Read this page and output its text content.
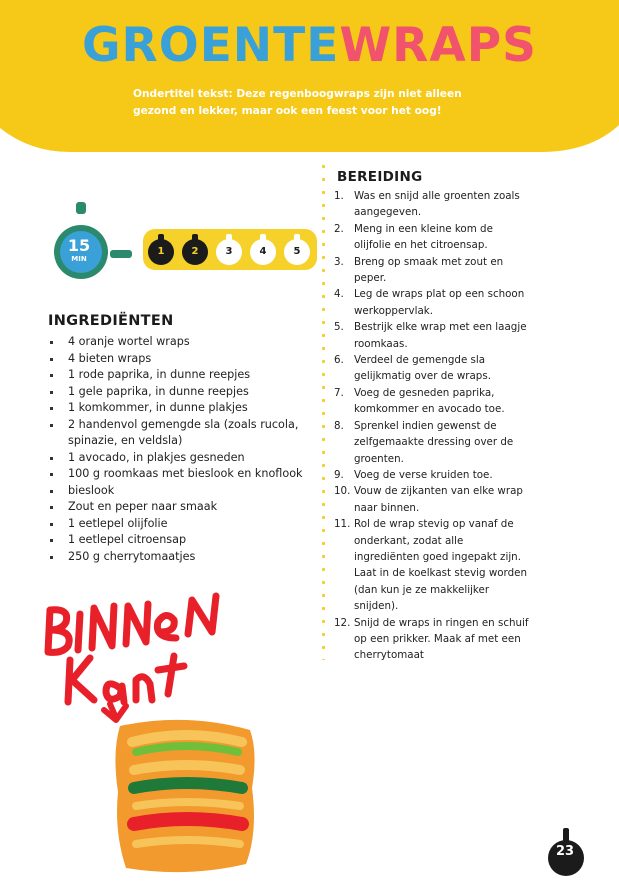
GROENTEWRAPS
Ondertitel tekst: Deze regenboogwraps zijn niet alleen gezond en lekker, maar ook een feest voor het oog!
15
MIN
1	2	3	4	5
INGREDIËNTEN
4 oranje wortel wraps
4 bieten wraps
1 rode paprika, in dunne reepjes
1 gele paprika, in dunne reepjes
1 komkommer, in dunne plakjes
2 handenvol gemengde sla (zoals rucola, spinazie, en veldsla)
1 avocado, in plakjes gesneden
100 g roomkaas met bieslook en knoflook
bieslook
Zout en peper naar smaak
1 eetlepel olijfolie
1 eetlepel citroensap
250 g cherrytomaatjes
BEREIDING
1. Was en snijd alle groenten zoals aangegeven.
2. Meng in een kleine kom de olijfolie en het citroensap.
3. Breng op smaak met zout en peper.
4. Leg de wraps plat op een schoon werkoppervlak.
5. Bestrijk elke wrap met een laagje roomkaas.
6. Verdeel de gemengde sla gelijkmatig over de wraps.
7. Voeg de gesneden paprika, komkommer en avocado toe.
8. Sprenkel indien gewenst de zelfgemaakte dressing over de groenten.
9. Voeg de verse kruiden toe.
10. Vouw de zijkanten van elke wrap naar binnen.
11. Rol de wrap stevig op vanaf de onderkant, zodat alle ingrediënten goed ingepakt zijn. Laat in de koelkast stevig worden (dan kun je ze makkelijker snijden).
12. Snijd de wraps in ringen en schuif op een prikker. Maak af met een cherrytomaat
23
